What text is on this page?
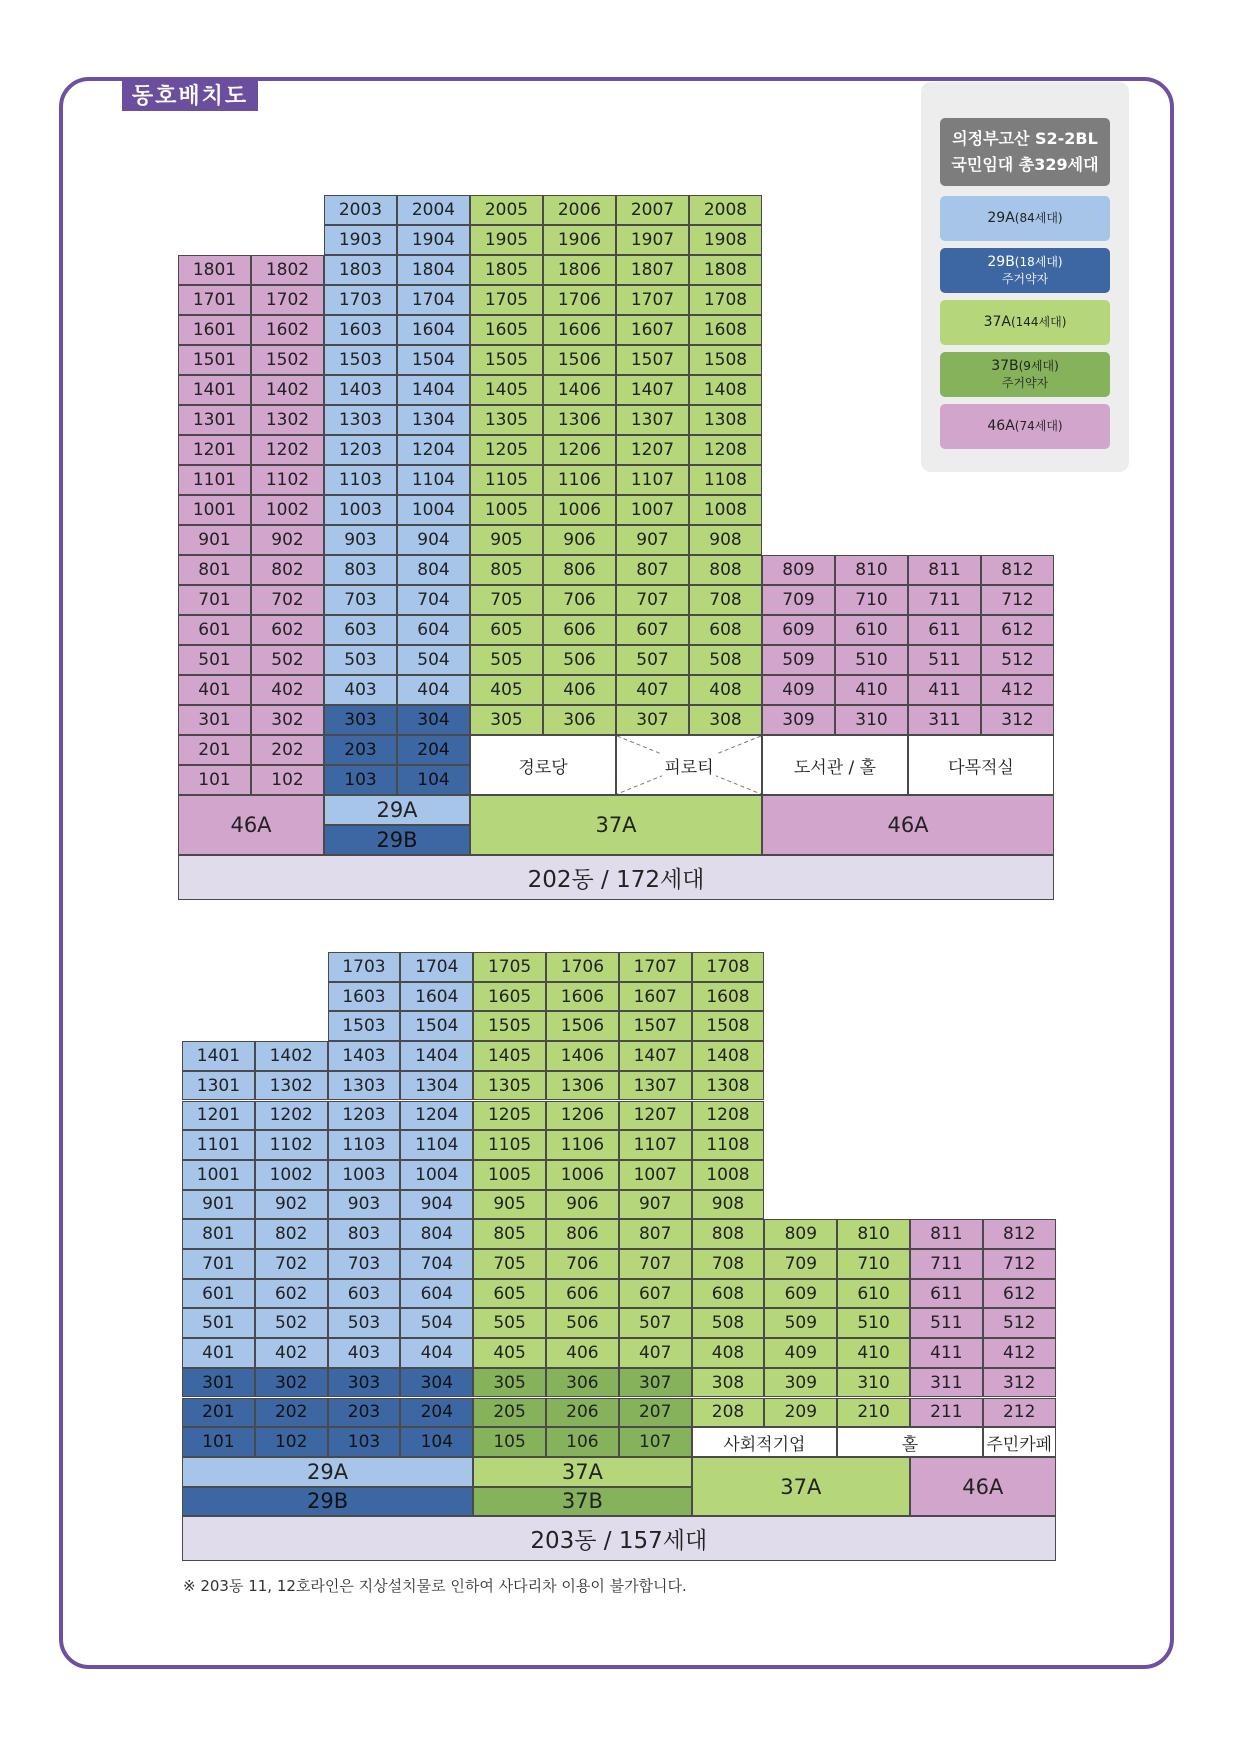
동호배치도
의정부고산 S2-2BL
국민임대 총329세대
29A(84세대)
29B(18세대)
주거약자
37A(144세대)
37B(9세대)
주거약자
46A(74세대)
2003	2004	2005	2006	2007	2008
1903	1904	1905	1906	1907	1908
1801	1802	1803	1804	1805	1806	1807	1808
1701	1702	1703	1704	1705	1706	1707	1708
1601	1602	1603	1604	1605	1606	1607	1608
1501	1502	1503	1504	1505	1506	1507	1508
1401	1402	1403	1404	1405	1406	1407	1408
1301	1302	1303	1304	1305	1306	1307	1308
1201	1202	1203	1204	1205	1206	1207	1208
1101	1102	1103	1104	1105	1106	1107	1108
1001	1002	1003	1004	1005	1006	1007	1008
901	902	903	904	905	906	907	908
801	802	803	804	805	806	807	808	809	810	811	812
701	702	703	704	705	706	707	708	709	710	711	712
601	602	603	604	605	606	607	608	609	610	611	612
501	502	503	504	505	506	507	508	509	510	511	512
401	402	403	404	405	406	407	408	409	410	411	412
301	302	303	304	305	306	307	308	309	310	311	312
201	202	203	204
101	102	103	104
경로당	피로티	도서관 / 홀	다목적실
46A
29A
29B
37A	46A
202동 / 172세대
1703	1704	1705	1706	1707	1708
1603	1604	1605	1606	1607	1608
1503	1504	1505	1506	1507	1508
1401	1402	1403	1404	1405	1406	1407	1408
1301	1302	1303	1304	1305	1306	1307	1308
1201	1202	1203	1204	1205	1206	1207	1208
1101	1102	1103	1104	1105	1106	1107	1108
1001	1002	1003	1004	1005	1006	1007	1008
901	902	903	904	905	906	907	908
801	802	803	804	805	806	807	808	809	810	811	812
701	702	703	704	705	706	707	708	709	710	711	712
601	602	603	604	605	606	607	608	609	610	611	612
501	502	503	504	505	506	507	508	509	510	511	512
401	402	403	404	405	406	407	408	409	410	411	412
301	302	303	304	305	306	307	308	309	310	311	312
201	202	203	204	205	206	207	208	209	210	211	212
101	102	103	104	105	106	107	사회적기업	홀	주민카페
29A
29B
37A
37B
37A	46A
203동 / 157세대
※ 203동 11, 12호라인은 지상설치물로 인하여 사다리차 이용이 불가합니다.
